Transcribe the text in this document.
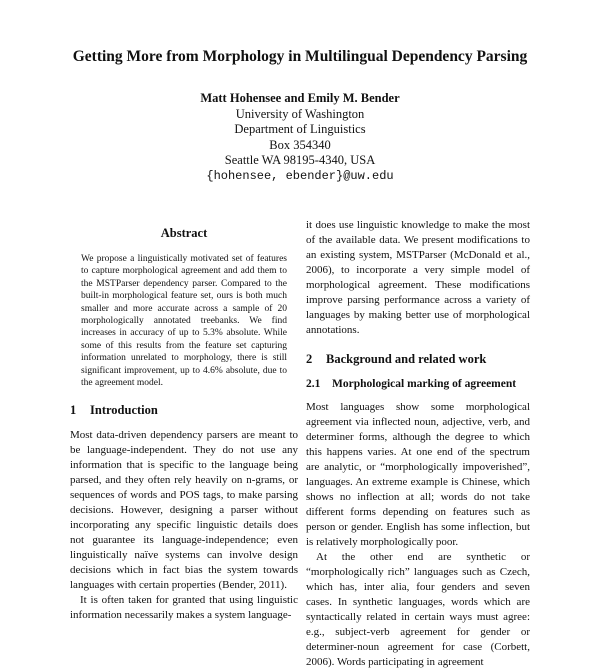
Getting More from Morphology in Multilingual Dependency Parsing
Matt Hohensee and Emily M. Bender
University of Washington
Department of Linguistics
Box 354340
Seattle WA 98195-4340, USA
{hohensee, ebender}@uw.edu
Abstract

We propose a linguistically motivated set of features to capture morphological agreement and add them to the MSTParser dependency parser. Compared to the built-in morphological feature set, ours is both much smaller and more accurate across a sample of 20 morphologically annotated treebanks. We find increases in accuracy of up to 5.3% absolute. While some of this results from the feature set capturing information unrelated to morphology, there is still significant improvement, up to 4.6% absolute, due to the agreement model.

1 Introduction

Most data-driven dependency parsers are meant to be language-independent. They do not use any information that is specific to the language being parsed, and they often rely heavily on n-grams, or sequences of words and POS tags, to make parsing decisions. However, designing a parser without incorporating any specific linguistic details does not guarantee its language-independence; even linguistically naïve systems can involve design decisions which in fact bias the system towards languages with certain properties (Bender, 2011).

It is often taken for granted that using linguistic information necessarily makes a system language-

it does use linguistic knowledge to make the most of the available data. We present modifications to an existing system, MSTParser (McDonald et al., 2006), to incorporate a very simple model of morphological agreement. These modifications improve parsing performance across a variety of languages by making better use of morphological annotations.

2 Background and related work
2.1 Morphological marking of agreement

Most languages show some morphological agreement via inflected noun, adjective, verb, and determiner forms, although the degree to which this happens varies. At one end of the spectrum are analytic, or “morphologically impoverished”, languages. An extreme example is Chinese, which shows no inflection at all; words do not take different forms depending on features such as person or gender. English has some inflection, but is relatively morphologically poor.

At the other end are synthetic or “morphologically rich” languages such as Czech, which has, inter alia, four genders and seven cases. In synthetic languages, words which are syntactically related in certain ways must agree: e.g., subject-verb agreement for gender or determiner-noun agreement for case (Corbett, 2006). Words participating in agreement
